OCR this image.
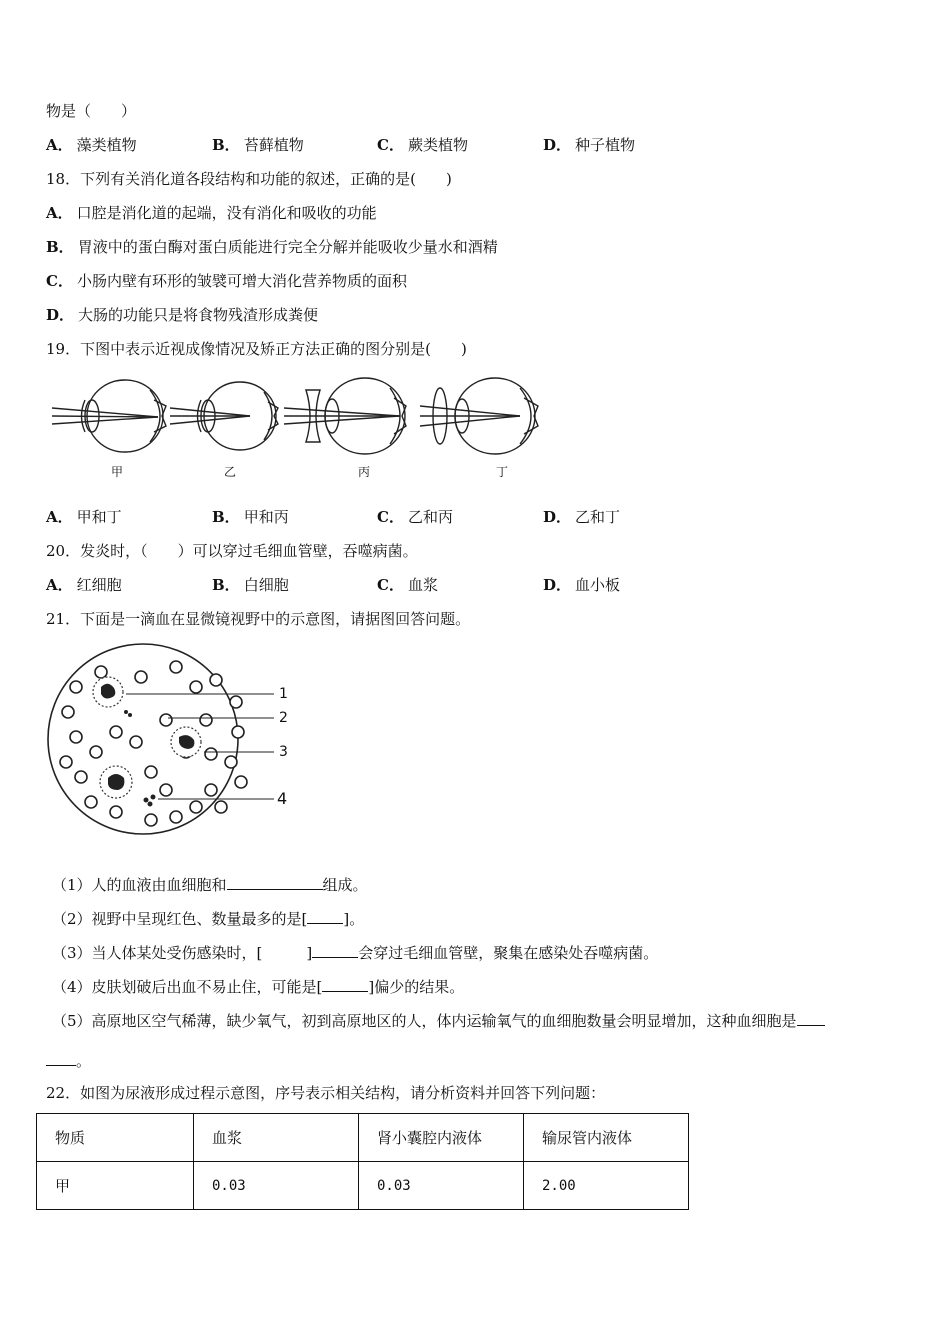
物是（　　）
A． 藻类植物	B． 苔藓植物	C． 蕨类植物	D． 种子植物
18．下列有关消化道各段结构和功能的叙述，正确的是(　　)
A． 口腔是消化道的起端，没有消化和吸收的功能
B． 胃液中的蛋白酶对蛋白质能进行完全分解并能吸收少量水和酒精
C． 小肠内壁有环形的皱襞可增大消化营养物质的面积
D． 大肠的功能只是将食物残渣形成粪便
19．下图中表示近视成像情况及矫正方法正确的图分别是(　　)
甲	乙	丙	丁
A． 甲和丁	B． 甲和丙	C． 乙和丙	D． 乙和丁
20．发炎时，（　　）可以穿过毛细血管壁，吞噬病菌。
A． 红细胞	B． 白细胞	C． 血浆	D． 血小板
21．下面是一滴血在显微镜视野中的示意图，请据图回答问题。
1
2
3
4
（1）人的血液由血细胞和	组成。
（2）视野中呈现红色、数量最多的是[ ]。
（3）当人体某处受伤感染时，[	]	会穿过毛细血管壁，聚集在感染处吞噬病菌。
（4）皮肤划破后出血不易止住，可能是[	]偏少的结果。
（5）高原地区空气稀薄，缺少氧气，初到高原地区的人，体内运输氧气的血细胞数量会明显增加，这种血细胞是
。
22．如图为尿液形成过程示意图，序号表示相关结构，请分析资料并回答下列问题：
物质	血浆	肾小囊腔内液体	输尿管内液体
甲	0.03	0.03	2.00
